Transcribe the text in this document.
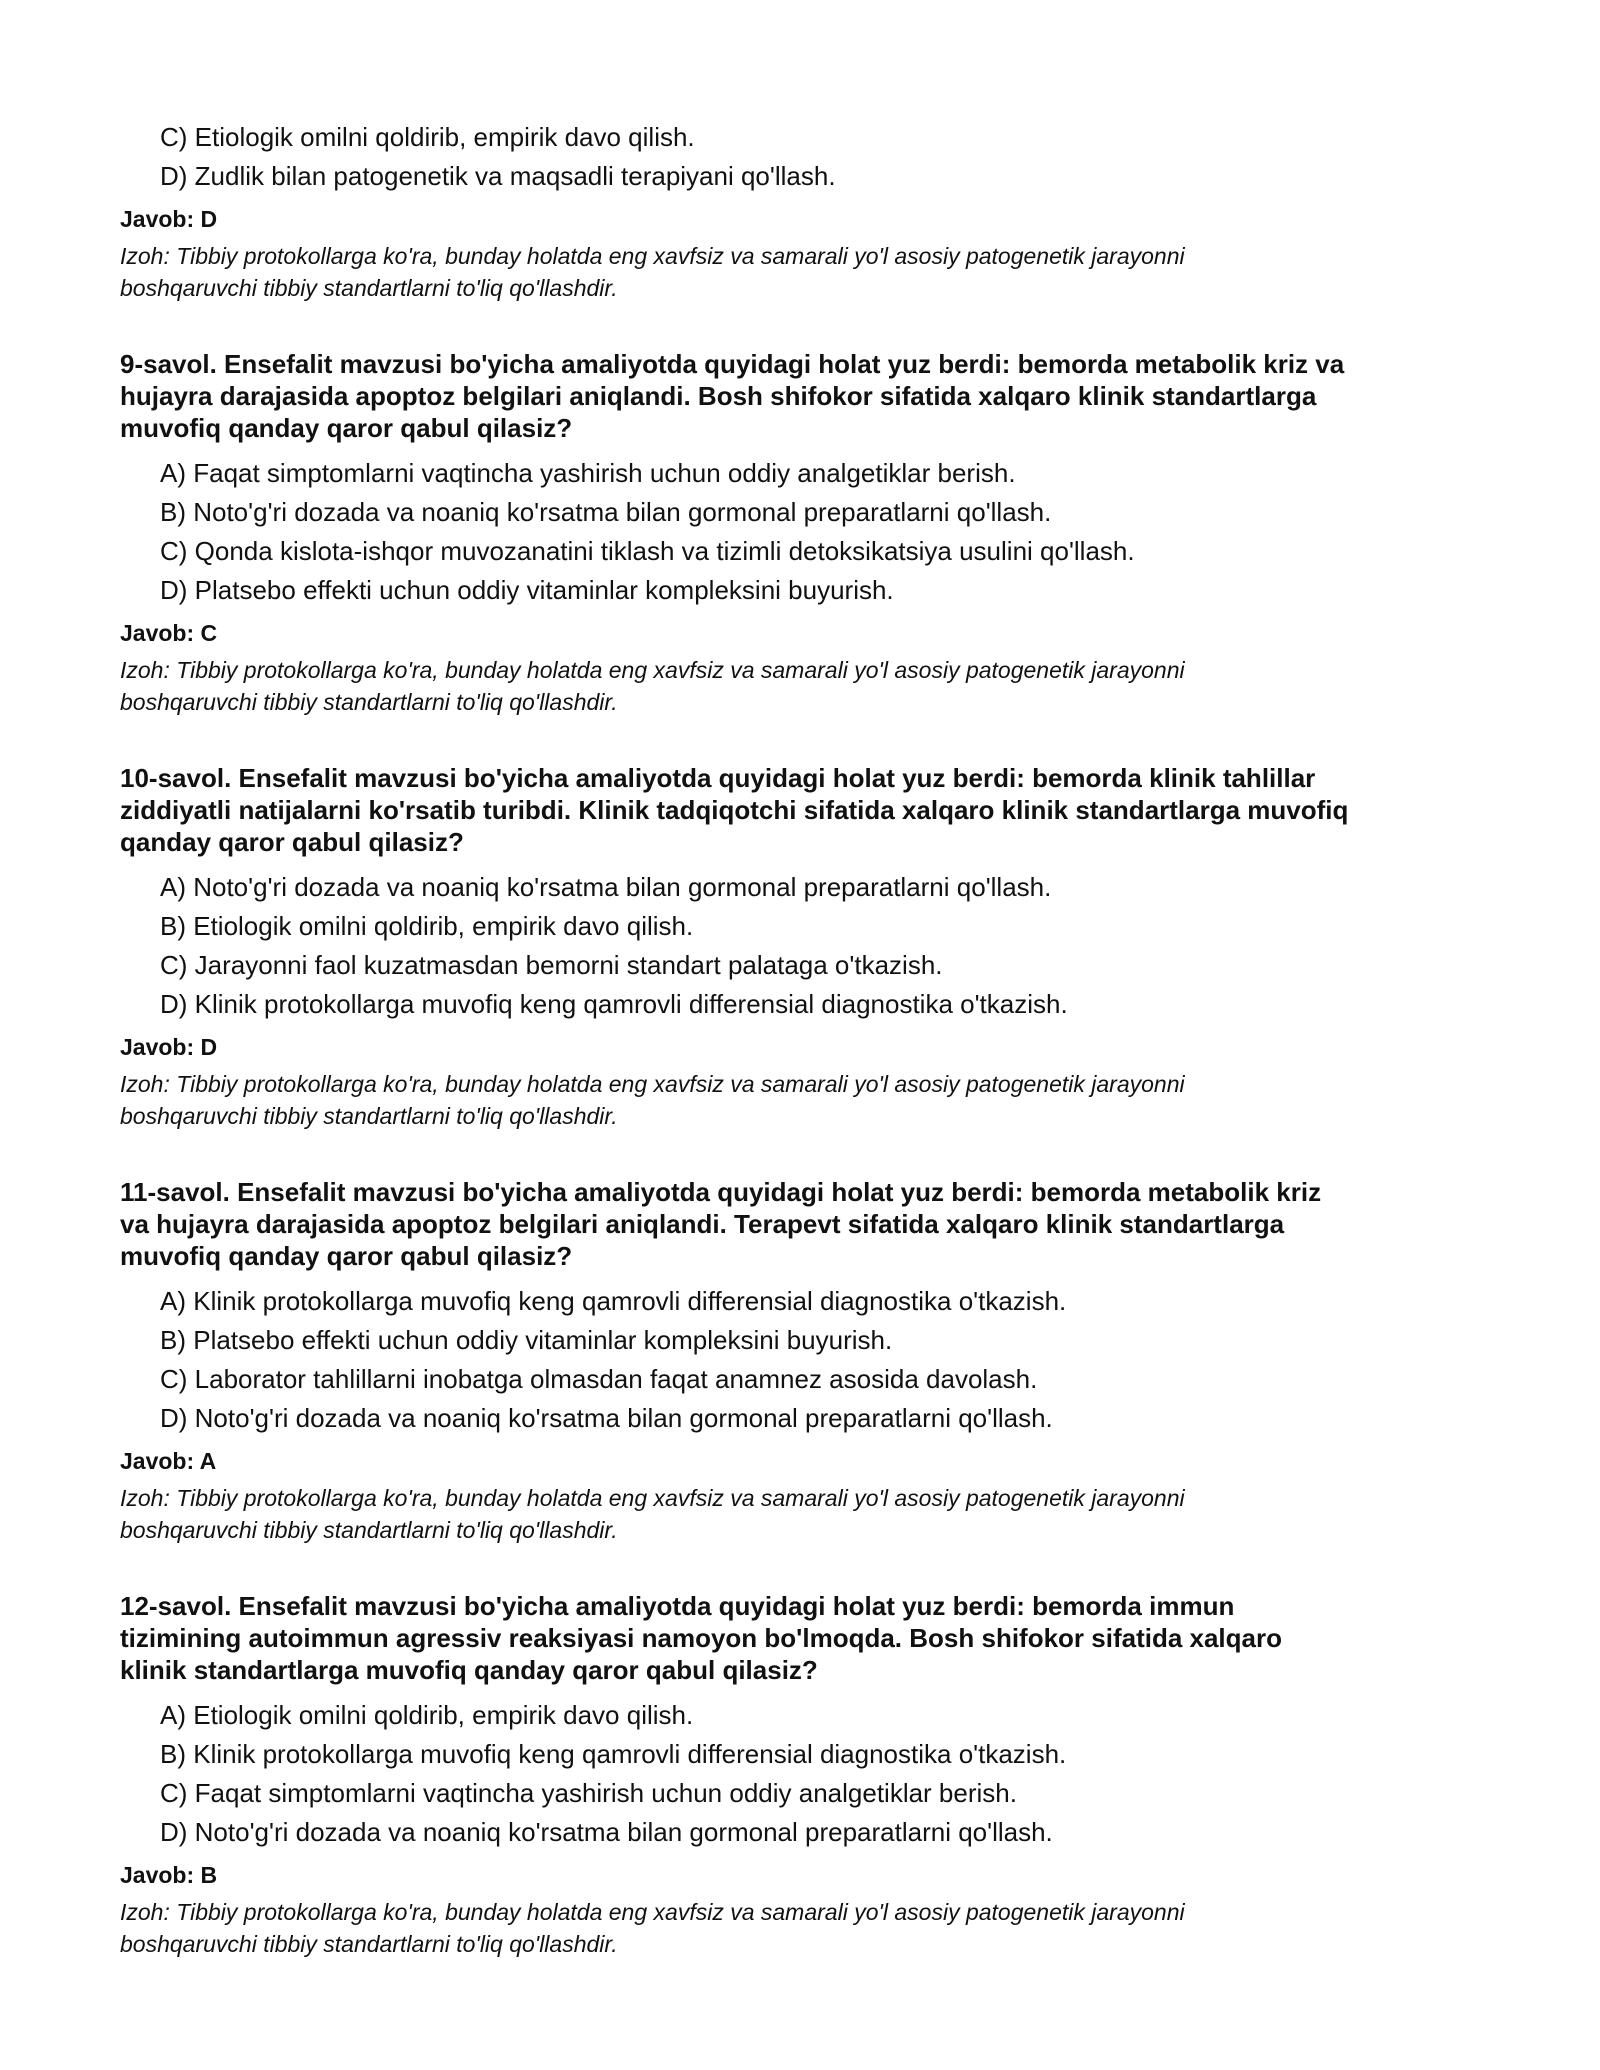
C) Etiologik omilni qoldirib, empirik davo qilish.
D) Zudlik bilan patogenetik va maqsadli terapiyani qo'llash.
Javob: D
Izoh: Tibbiy protokollarga ko'ra, bunday holatda eng xavfsiz va samarali yo'l asosiy patogenetik jarayonni
boshqaruvchi tibbiy standartlarni to'liq qo'llashdir.
9-savol. Ensefalit mavzusi bo'yicha amaliyotda quyidagi holat yuz berdi: bemorda metabolik kriz va
hujayra darajasida apoptoz belgilari aniqlandi. Bosh shifokor sifatida xalqaro klinik standartlarga
muvofiq qanday qaror qabul qilasiz?
A) Faqat simptomlarni vaqtincha yashirish uchun oddiy analgetiklar berish.
B) Noto'g'ri dozada va noaniq ko'rsatma bilan gormonal preparatlarni qo'llash.
C) Qonda kislota-ishqor muvozanatini tiklash va tizimli detoksikatsiya usulini qo'llash.
D) Platsebo effekti uchun oddiy vitaminlar kompleksini buyurish.
Javob: C
Izoh: Tibbiy protokollarga ko'ra, bunday holatda eng xavfsiz va samarali yo'l asosiy patogenetik jarayonni
boshqaruvchi tibbiy standartlarni to'liq qo'llashdir.
10-savol. Ensefalit mavzusi bo'yicha amaliyotda quyidagi holat yuz berdi: bemorda klinik tahlillar
ziddiyatli natijalarni ko'rsatib turibdi. Klinik tadqiqotchi sifatida xalqaro klinik standartlarga muvofiq
qanday qaror qabul qilasiz?
A) Noto'g'ri dozada va noaniq ko'rsatma bilan gormonal preparatlarni qo'llash.
B) Etiologik omilni qoldirib, empirik davo qilish.
C) Jarayonni faol kuzatmasdan bemorni standart palataga o'tkazish.
D) Klinik protokollarga muvofiq keng qamrovli differensial diagnostika o'tkazish.
Javob: D
Izoh: Tibbiy protokollarga ko'ra, bunday holatda eng xavfsiz va samarali yo'l asosiy patogenetik jarayonni
boshqaruvchi tibbiy standartlarni to'liq qo'llashdir.
11-savol. Ensefalit mavzusi bo'yicha amaliyotda quyidagi holat yuz berdi: bemorda metabolik kriz
va hujayra darajasida apoptoz belgilari aniqlandi. Terapevt sifatida xalqaro klinik standartlarga
muvofiq qanday qaror qabul qilasiz?
A) Klinik protokollarga muvofiq keng qamrovli differensial diagnostika o'tkazish.
B) Platsebo effekti uchun oddiy vitaminlar kompleksini buyurish.
C) Laborator tahlillarni inobatga olmasdan faqat anamnez asosida davolash.
D) Noto'g'ri dozada va noaniq ko'rsatma bilan gormonal preparatlarni qo'llash.
Javob: A
Izoh: Tibbiy protokollarga ko'ra, bunday holatda eng xavfsiz va samarali yo'l asosiy patogenetik jarayonni
boshqaruvchi tibbiy standartlarni to'liq qo'llashdir.
12-savol. Ensefalit mavzusi bo'yicha amaliyotda quyidagi holat yuz berdi: bemorda immun
tizimining autoimmun agressiv reaksiyasi namoyon bo'lmoqda. Bosh shifokor sifatida xalqaro
klinik standartlarga muvofiq qanday qaror qabul qilasiz?
A) Etiologik omilni qoldirib, empirik davo qilish.
B) Klinik protokollarga muvofiq keng qamrovli differensial diagnostika o'tkazish.
C) Faqat simptomlarni vaqtincha yashirish uchun oddiy analgetiklar berish.
D) Noto'g'ri dozada va noaniq ko'rsatma bilan gormonal preparatlarni qo'llash.
Javob: B
Izoh: Tibbiy protokollarga ko'ra, bunday holatda eng xavfsiz va samarali yo'l asosiy patogenetik jarayonni
boshqaruvchi tibbiy standartlarni to'liq qo'llashdir.
